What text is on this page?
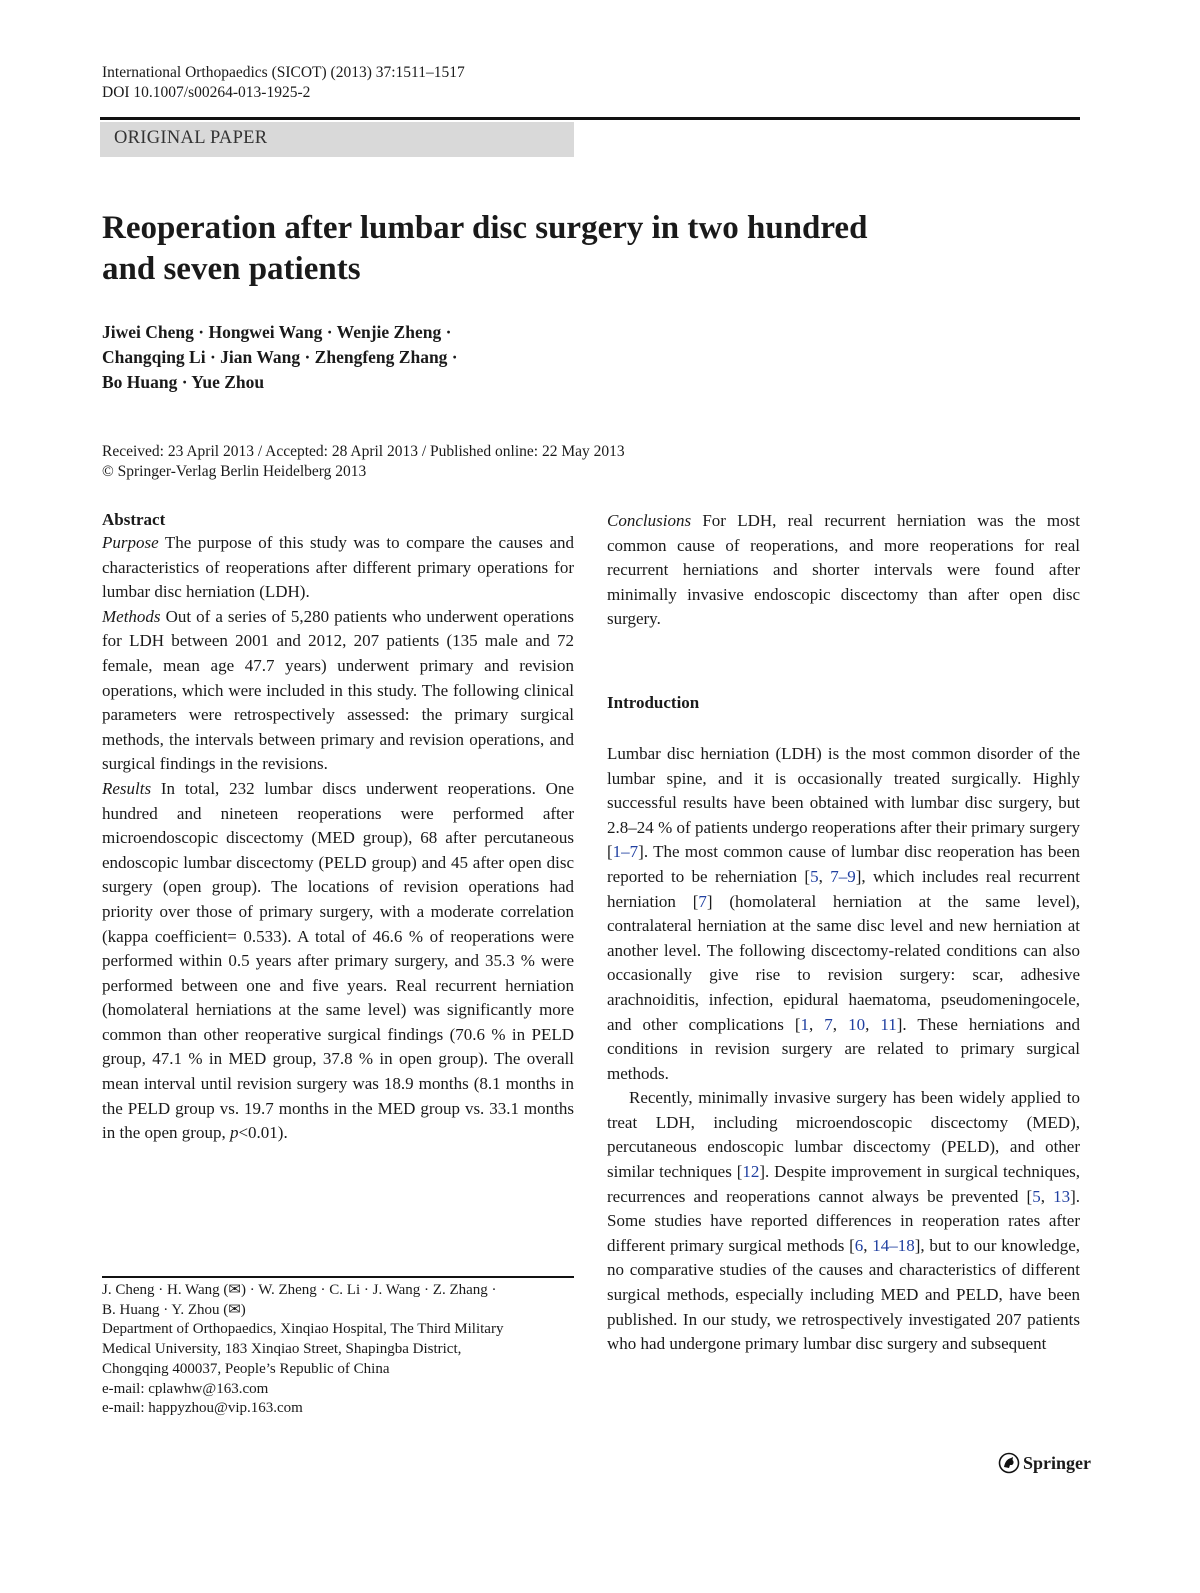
International Orthopaedics (SICOT) (2013) 37:1511–1517
DOI 10.1007/s00264-013-1925-2
ORIGINAL PAPER
Reoperation after lumbar disc surgery in two hundred
and seven patients
Jiwei Cheng · Hongwei Wang · Wenjie Zheng ·
Changqing Li · Jian Wang · Zhengfeng Zhang ·
Bo Huang · Yue Zhou
Received: 23 April 2013 / Accepted: 28 April 2013 / Published online: 22 May 2013
© Springer-Verlag Berlin Heidelberg 2013
Abstract

Purpose The purpose of this study was to compare the causes and characteristics of reoperations after different primary operations for lumbar disc herniation (LDH).

Methods Out of a series of 5,280 patients who underwent operations for LDH between 2001 and 2012, 207 patients (135 male and 72 female, mean age 47.7 years) underwent primary and revision operations, which were included in this study. The following clinical parameters were retrospectively assessed: the primary surgical methods, the intervals between primary and revision operations, and surgical findings in the revisions.

Results In total, 232 lumbar discs underwent reoperations. One hundred and nineteen reoperations were performed after microendoscopic discectomy (MED group), 68 after percutaneous endoscopic lumbar discectomy (PELD group) and 45 after open disc surgery (open group). The locations of revision operations had priority over those of primary surgery, with a moderate correlation (kappa coefficient= 0.533). A total of 46.6 % of reoperations were performed within 0.5 years after primary surgery, and 35.3 % were performed between one and five years. Real recurrent herniation (homolateral herniations at the same level) was significantly more common than other reoperative surgical findings (70.6 % in PELD group, 47.1 % in MED group, 37.8 % in open group). The overall mean interval until revision surgery was 18.9 months (8.1 months in the PELD group vs. 19.7 months in the MED group vs. 33.1 months in the open group, p<0.01).

J. Cheng · H. Wang (✉) · W. Zheng · C. Li · J. Wang · Z. Zhang ·
B. Huang · Y. Zhou (✉)
Department of Orthopaedics, Xinqiao Hospital, The Third Military
Medical University, 183 Xinqiao Street, Shapingba District,
Chongqing 400037, People’s Republic of China
e-mail: cplawhw@163.com
e-mail: happyzhou@vip.163.com

Conclusions For LDH, real recurrent herniation was the most common cause of reoperations, and more reoperations for real recurrent herniations and shorter intervals were found after minimally invasive endoscopic discectomy than after open disc surgery.

Introduction

Lumbar disc herniation (LDH) is the most common disorder of the lumbar spine, and it is occasionally treated surgically. Highly successful results have been obtained with lumbar disc surgery, but 2.8–24 % of patients undergo reoperations after their primary surgery [1–7]. The most common cause of lumbar disc reoperation has been reported to be reherniation [5, 7–9], which includes real recurrent herniation [7] (homolateral herniation at the same level), contralateral herniation at the same disc level and new herniation at another level. The following discectomy-related conditions can also occasionally give rise to revision surgery: scar, adhesive arachnoiditis, infection, epidural haematoma, pseudomeningocele, and other complications [1, 7, 10, 11]. These herniations and conditions in revision surgery are related to primary surgical methods.

Recently, minimally invasive surgery has been widely applied to treat LDH, including microendoscopic discectomy (MED), percutaneous endoscopic lumbar discectomy (PELD), and other similar techniques [12]. Despite improvement in surgical techniques, recurrences and reoperations cannot always be prevented [5, 13]. Some studies have reported differences in reoperation rates after different primary surgical methods [6, 14–18], but to our knowledge, no comparative studies of the causes and characteristics of different surgical methods, especially including MED and PELD, have been published. In our study, we retrospectively investigated 207 patients who had undergone primary lumbar disc surgery and subsequent

Springer
